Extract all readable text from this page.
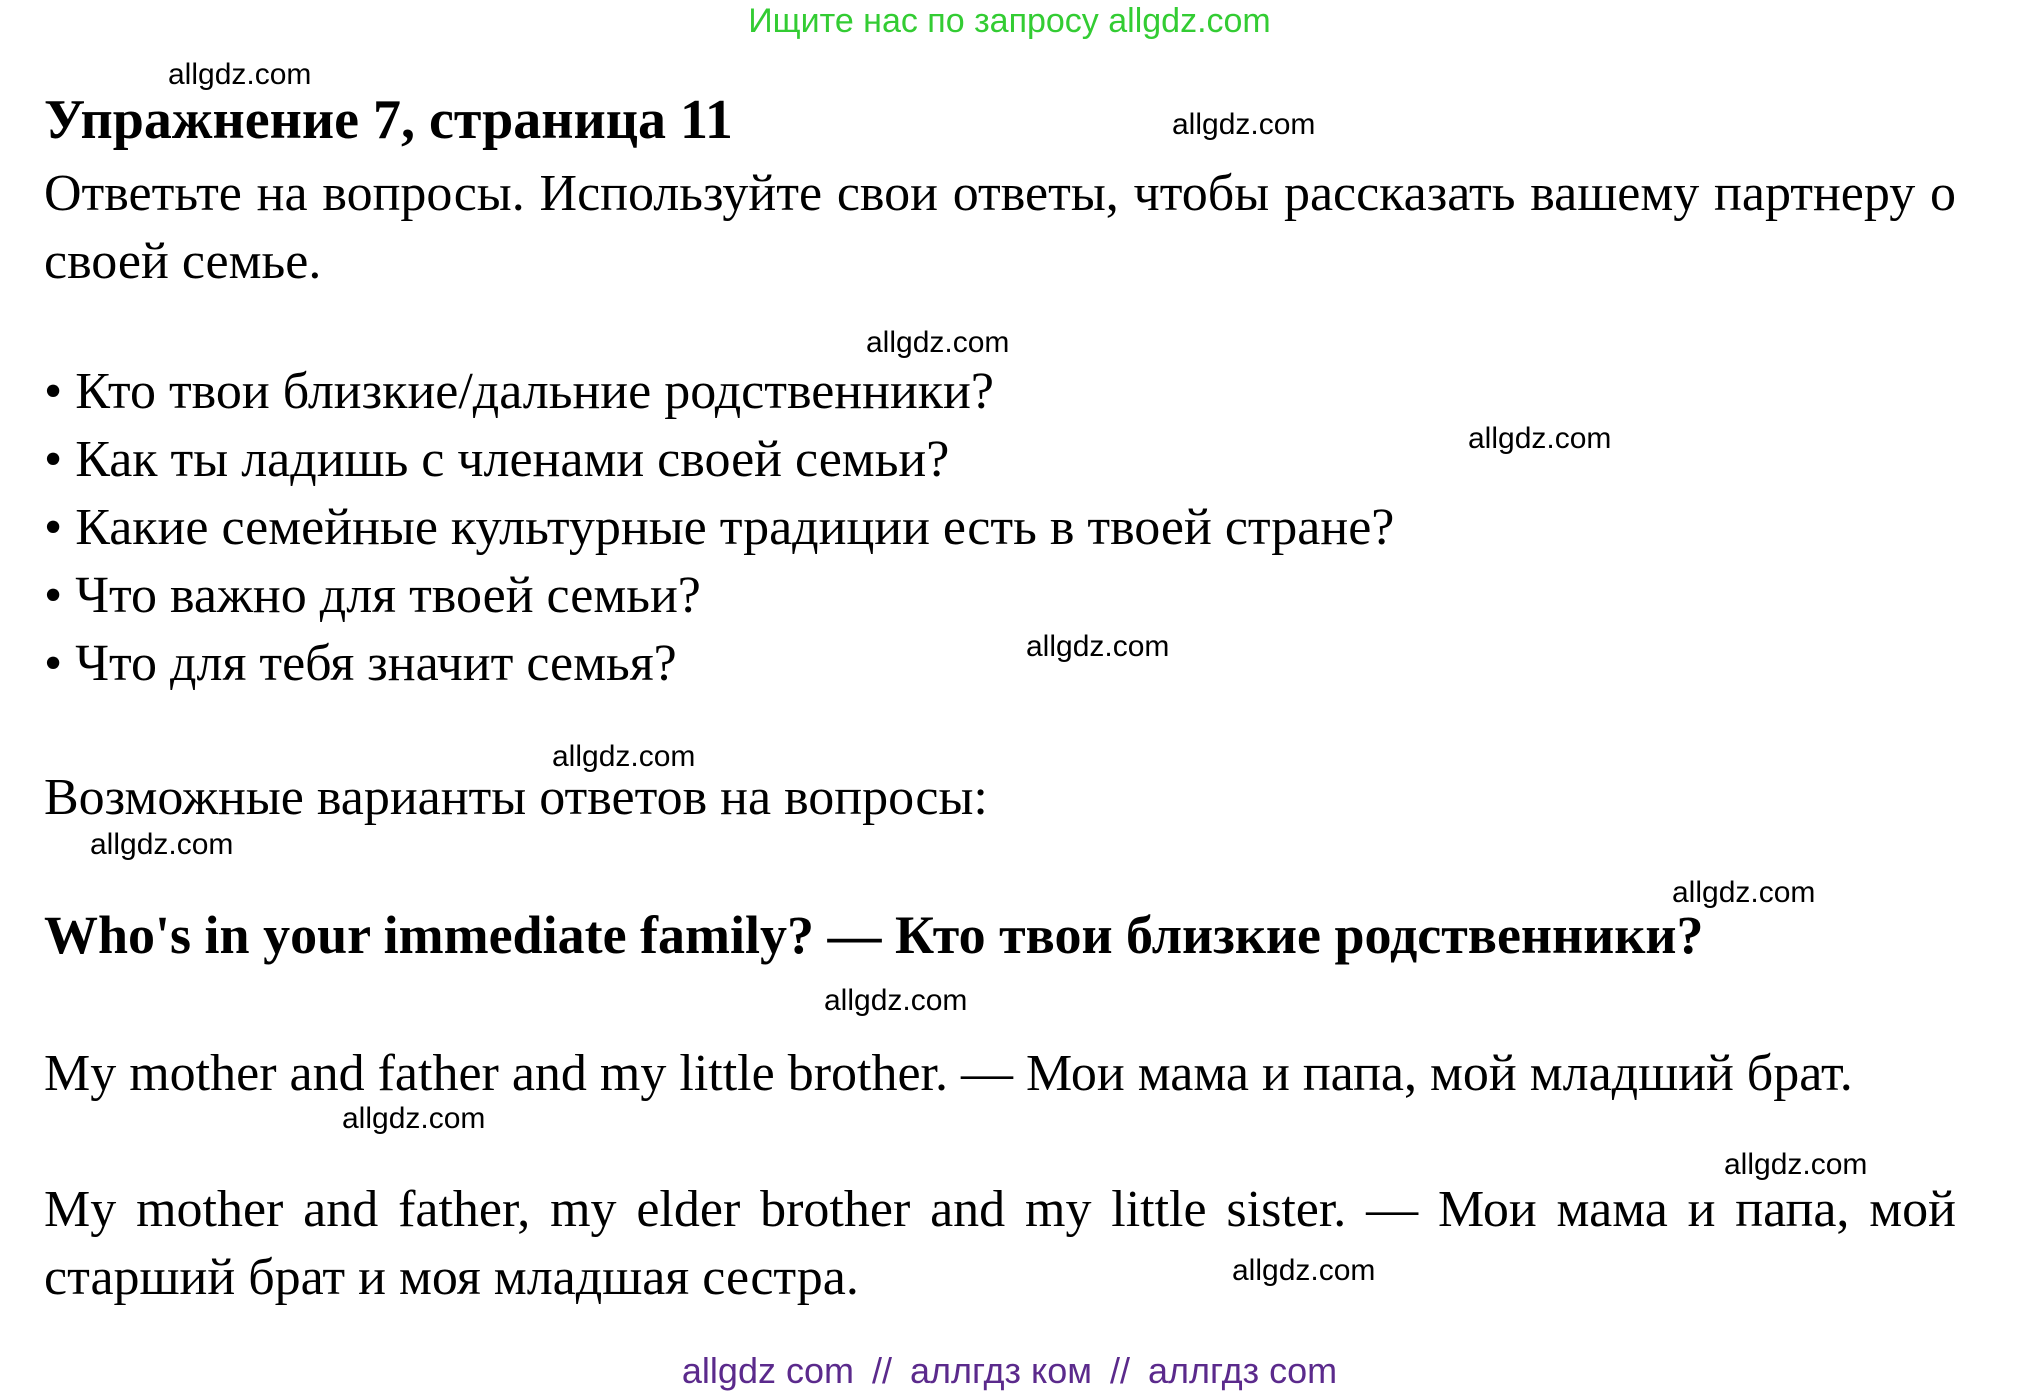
Ищите нас по запросу allgdz.com
Упражнение 7, страница 11
Ответьте на вопросы. Используйте свои ответы, чтобы рассказать вашему партнеру о своей семье.
• Кто твои близкие/дальние родственники?
• Как ты ладишь с членами своей семьи?
• Какие семейные культурные традиции есть в твоей стране?
• Что важно для твоей семьи?
• Что для тебя значит семья?
Возможные варианты ответов на вопросы:
Who's in your immediate family? — Кто твои близкие родственники?
My mother and father and my little brother. — Мои мама и папа, мой младший брат.
My mother and father, my elder brother and my little sister. — Мои мама и папа, мой старший брат и моя младшая сестра.
allgdz.com
allgdz.com
allgdz.com
allgdz.com
allgdz.com
allgdz.com
allgdz.com
allgdz.com
allgdz.com
allgdz.com
allgdz.com
allgdz.com
allgdz com // аллгдз ком // аллгдз com
